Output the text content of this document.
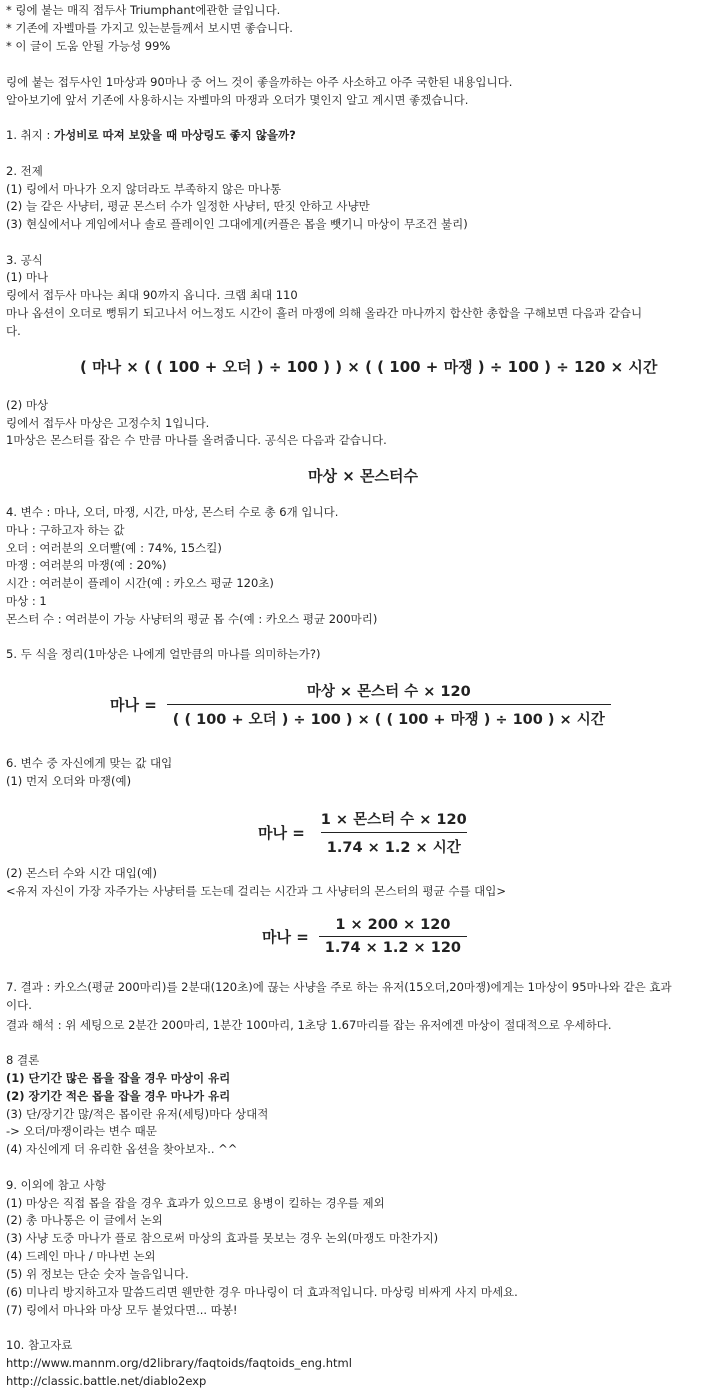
* 링에 붙는 매직 접두사 Triumphant에관한 글입니다.
* 기존에 자벨마를 가지고 있는분들께서 보시면 좋습니다.
* 이 글이 도움 안될 가능성 99%
링에 붙는 접두사인 1마상과 90마나 중 어느 것이 좋을까하는 아주 사소하고 아주 국한된 내용입니다.
알아보기에 앞서 기존에 사용하시는 자벨마의 마쟁과 오더가 몇인지 알고 계시면 좋겠습니다.
1. 취지 : 가성비로 따져 보았을 때 마상링도 좋지 않을까?
2. 전제
(1) 링에서 마나가 오지 않더라도 부족하지 않은 마나통
(2) 늘 같은 사냥터, 평균 몬스터 수가 일정한 사냥터, 딴짓 안하고 사냥만
(3) 현실에서나 게임에서나 솔로 플레이인 그대에게(커플은 몹을 뺏기니 마상이 무조건 불리)
3. 공식
(1) 마나
링에서 접두사 마나는 최대 90까지 옵니다. 크랩 최대 110
마나 옵션이 오더로 뻥튀기 되고나서 어느정도 시간이 흘러 마쟁에 의해 올라간 마나까지 합산한 총합을 구해보면 다음과 같습니
다.
( 마나 × ( ( 100 + 오더 ) ÷ 100 ) ) × ( ( 100 + 마쟁 ) ÷ 100 ) ÷ 120 × 시간
(2) 마상
링에서 접두사 마상은 고정수치 1입니다.
1마상은 몬스터를 잡은 수 만큼 마나를 올려줍니다. 공식은 다음과 같습니다.
마상 × 몬스터수
4. 변수 : 마나, 오더, 마쟁, 시간, 마상, 몬스터 수로 총 6개 입니다.
마나 : 구하고자 하는 값
오더 : 여러분의 오더빨(예 : 74%, 15스킬)
마쟁 : 여러분의 마쟁(예 : 20%)
시간 : 여러분이 플레이 시간(예 : 카오스 평균 120초)
마상 : 1
몬스터 수 : 여러분이 가능 사냥터의 평균 몹 수(예 : 카오스 평균 200마리)
5. 두 식을 정리(1마상은 나에게 얼만큼의 마나를 의미하는가?)
마나 = $\frac{\text{마상 × 몬스터 수 × 120}}{\text{( ( 100 + 오더 ) ÷ 100 ) × ( ( 100 + 마쟁 ) ÷ 100 ) × 시간}}$
6. 변수 중 자신에게 맞는 값 대입
(1) 먼저 오더와 마쟁(예)
마나 = $\frac{\text{1 × 몬스터 수 × 120}}{\text{1.74 × 1.2 × 시간}}$
(2) 몬스터 수와 시간 대입(예)
<유저 자신이 가장 자주가는 사냥터를 도는데 걸리는 시간과 그 사냥터의 몬스터의 평균 수를 대입>
마나 = $\frac{1 \times 200 \times 120}{1.74 \times 1.2 \times 120}$
7. 결과 : 카오스(평균 200마리)를 2분대(120초)에 끊는 사냥을 주로 하는 유저(15오더,20마쟁)에게는 1마상이 95마나와 같은 효과
이다.
결과 해석 : 위 세팅으로 2분간 200마리, 1분간 100마리, 1초당 1.67마리를 잡는 유저에겐 마상이 절대적으로 우세하다.
8 결론
(1) 단기간 많은 몹을 잡을 경우 마상이 유리
(2) 장기간 적은 몹을 잡을 경우 마나가 유리
(3) 단/장기간 많/적은 몹이란 유저(세팅)마다 상대적
-> 오더/마쟁이라는 변수 때문
(4) 자신에게 더 유리한 옵션을 찾아보자.. ^^
9. 이외에 참고 사항
(1) 마상은 직접 몹을 잡을 경우 효과가 있으므로 용병이 킬하는 경우를 제외
(2) 총 마나통은 이 글에서 논외
(3) 사냥 도중 마나가 플로 참으로써 마상의 효과를 못보는 경우 논외(마쟁도 마찬가지)
(4) 드레인 마나 / 마나번 논외
(5) 위 정보는 단순 숫자 놀음입니다.
(6) 미나리 방지하고자 말씀드리면 웬만한 경우 마나링이 더 효과적입니다. 마상링 비싸게 사지 마세요.
(7) 링에서 마나와 마상 모두 붙었다면... 따봉!
10. 참고자료
http://www.mannm.org/d2library/faqtoids/faqtoids_eng.html
http://classic.battle.net/diablo2exp
